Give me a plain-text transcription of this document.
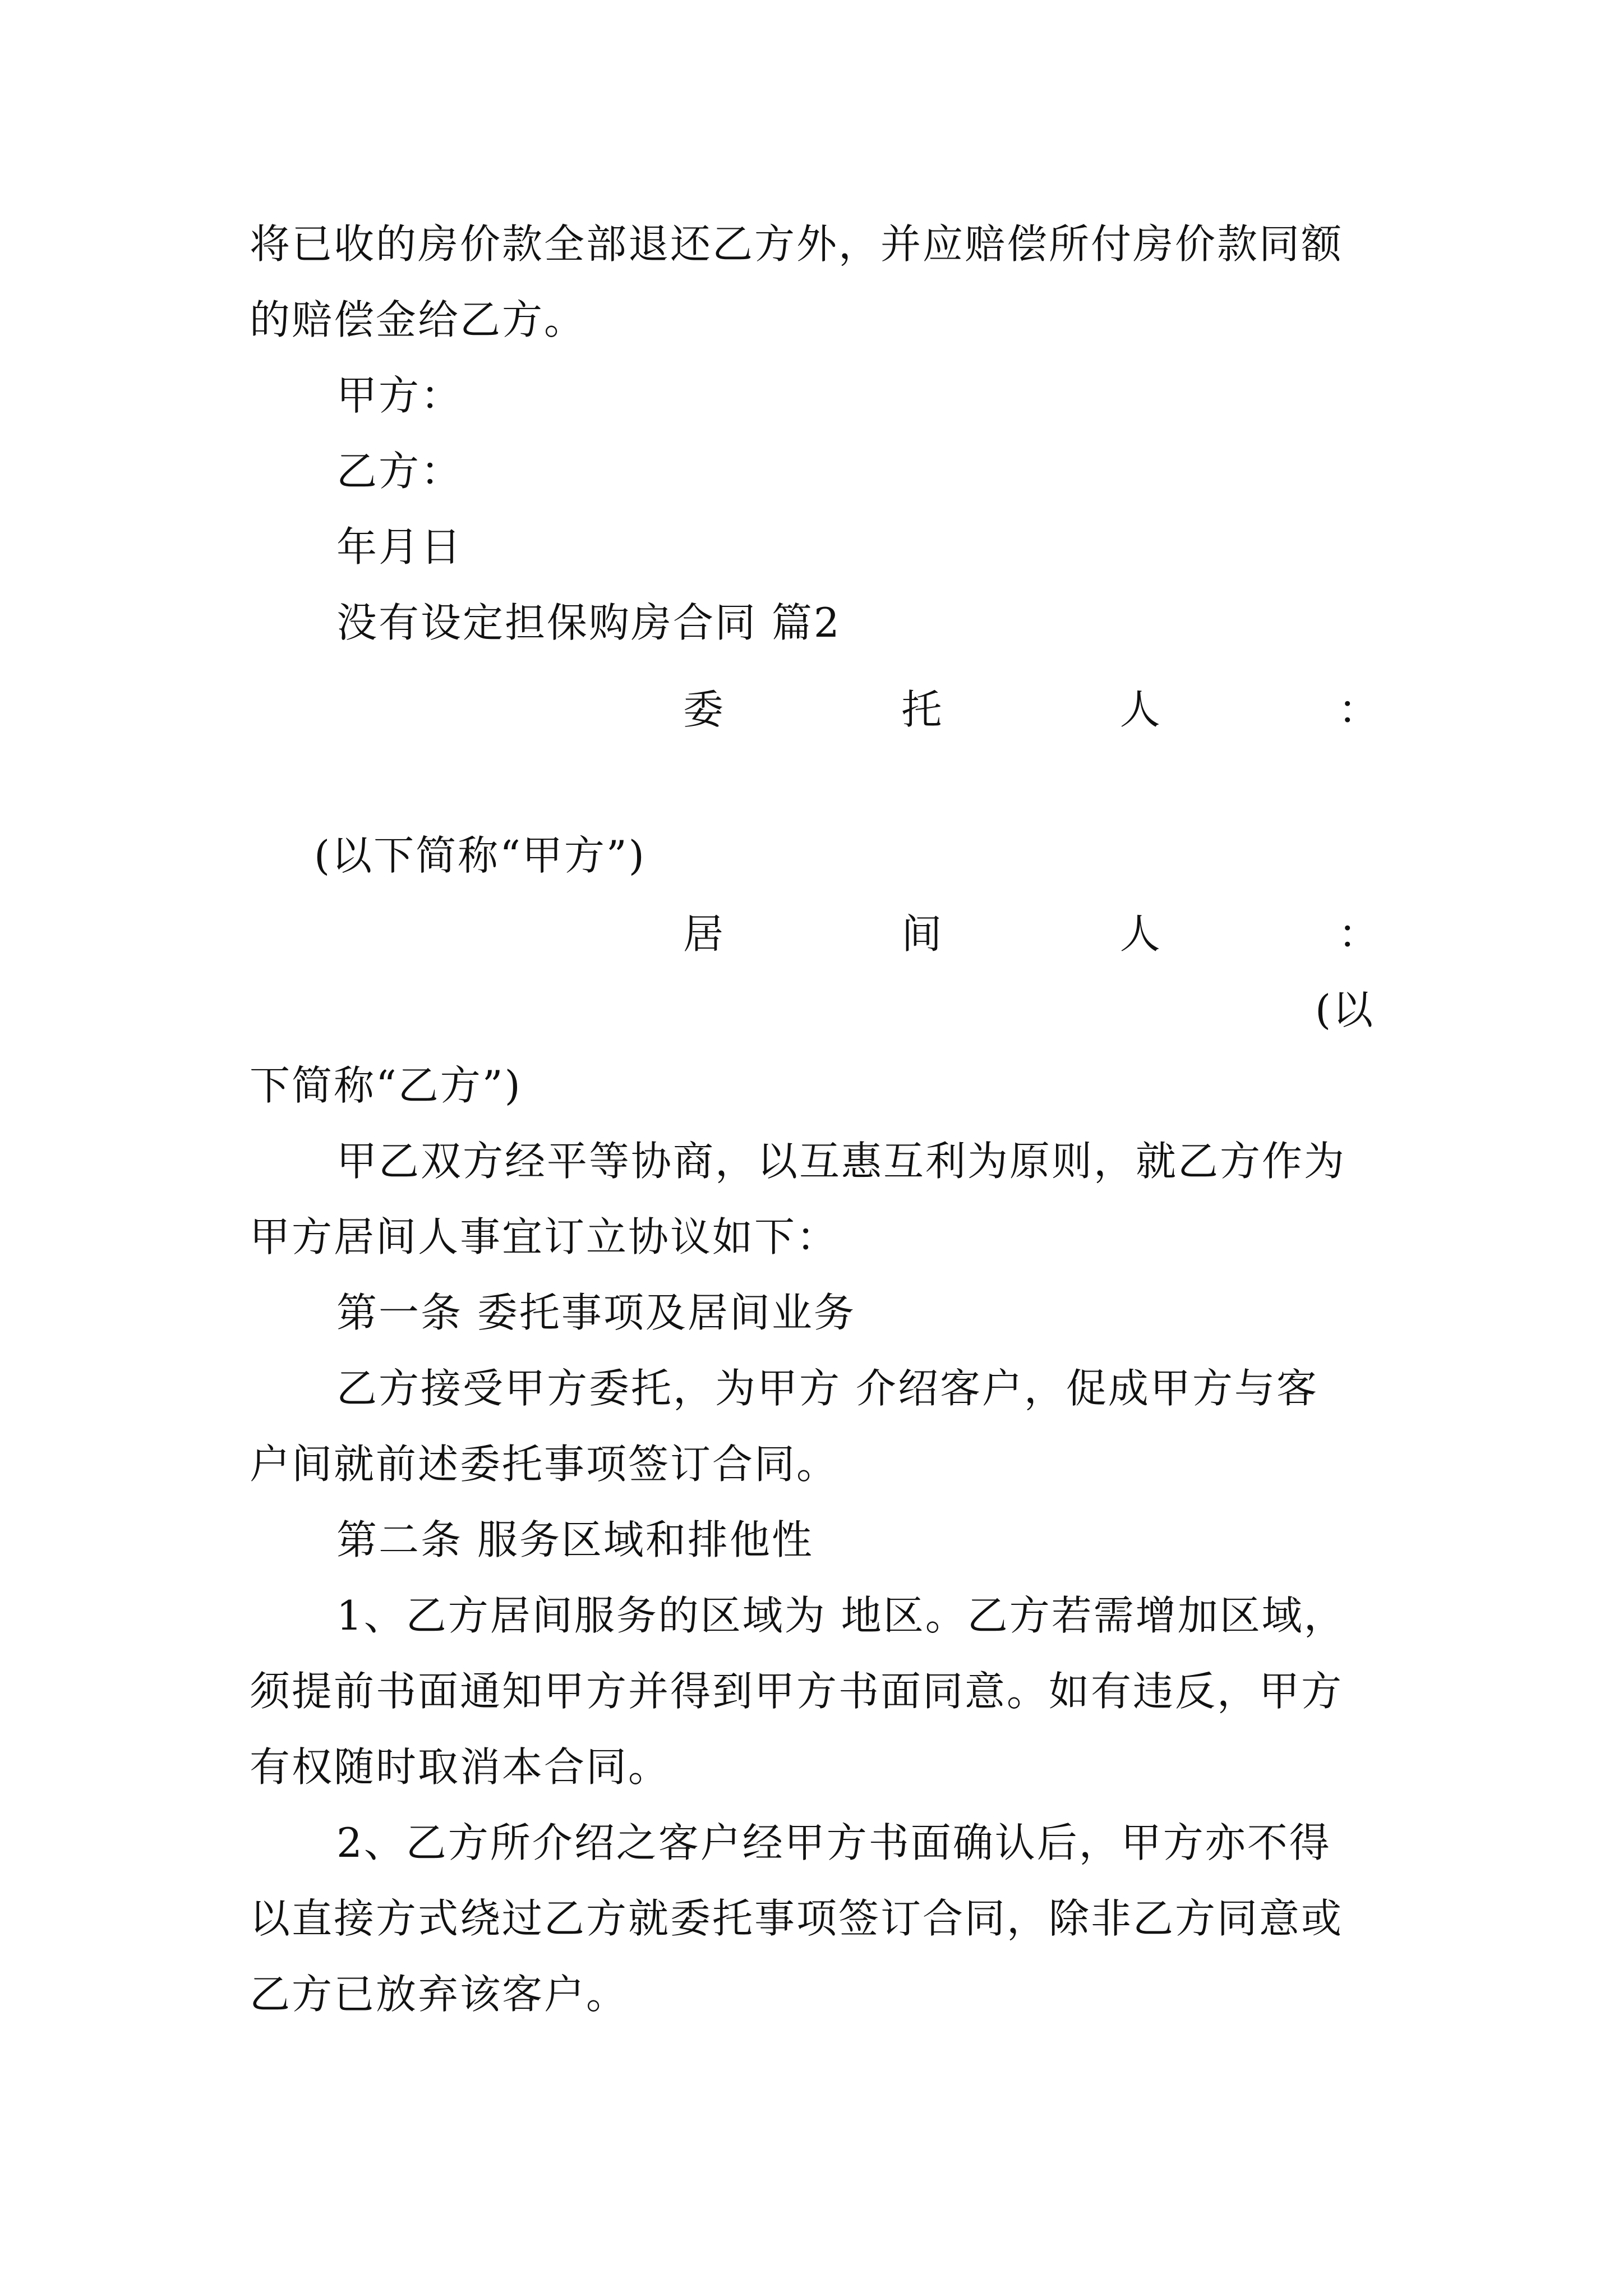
将已收的房价款全部退还乙方外，并应赔偿所付房价款同额
的赔偿金给乙方。
甲方：
乙方：
年月日
没有设定担保购房合同 篇2
委	托	人	：
(以下简称“甲方”)
居	间	人	：
(以
下简称“乙方”)
甲乙双方经平等协商，以互惠互利为原则，就乙方作为
甲方居间人事宜订立协议如下：
第一条 委托事项及居间业务
乙方接受甲方委托，为甲方 介绍客户，促成甲方与客
户间就前述委托事项签订合同。
第二条 服务区域和排他性
1、乙方居间服务的区域为 地区。乙方若需增加区域，
须提前书面通知甲方并得到甲方书面同意。如有违反，甲方
有权随时取消本合同。
2、乙方所介绍之客户经甲方书面确认后，甲方亦不得
以直接方式绕过乙方就委托事项签订合同，除非乙方同意或
乙方已放弃该客户。
